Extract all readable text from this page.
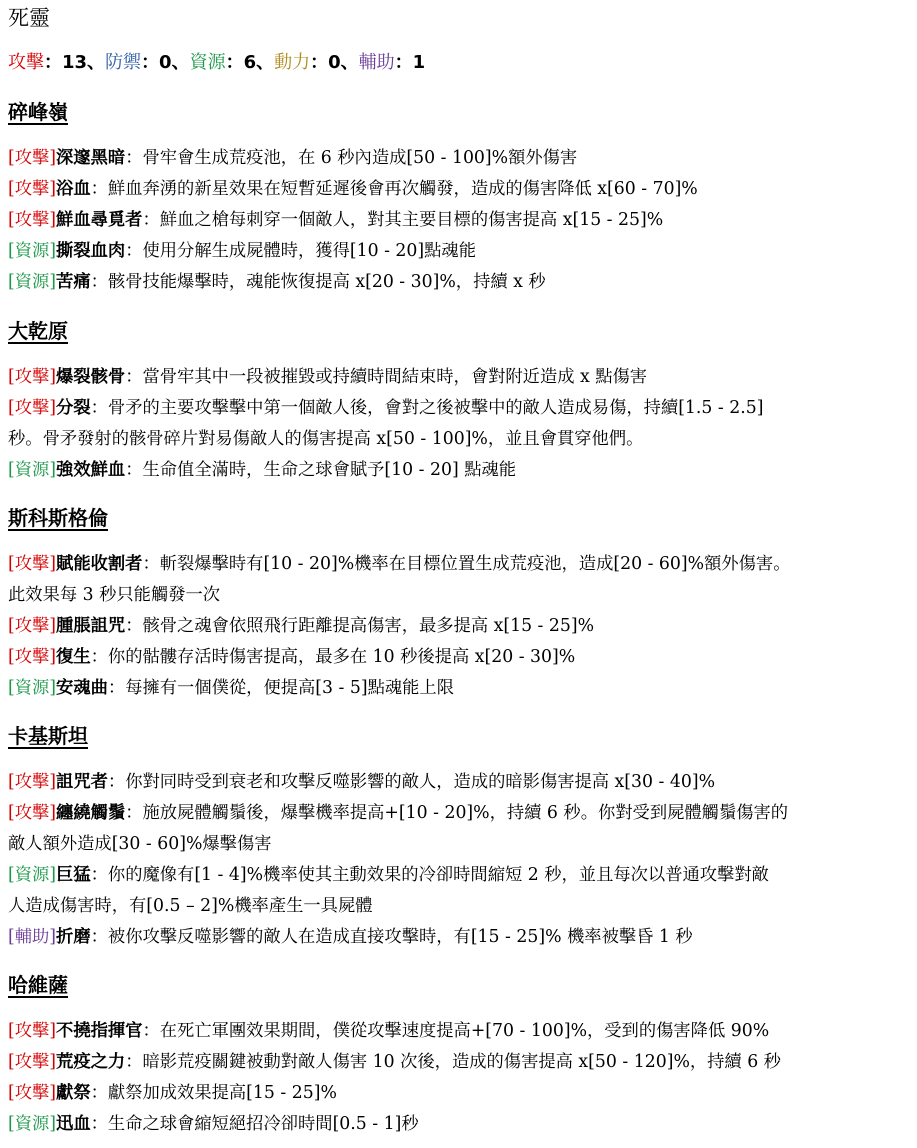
死靈
攻擊：13、防禦：0、資源：6、動力：0、輔助：1
碎峰嶺
[攻擊]深邃黑暗：骨牢會生成荒疫池，在 6 秒內造成[50 - 100]%額外傷害
[攻擊]浴血：鮮血奔湧的新星效果在短暫延遲後會再次觸發，造成的傷害降低 x[60 - 70]%
[攻擊]鮮血尋覓者：鮮血之槍每刺穿一個敵人，對其主要目標的傷害提高 x[15 - 25]%
[資源]撕裂血肉：使用分解生成屍體時，獲得[10 - 20]點魂能
[資源]苦痛：骸骨技能爆擊時，魂能恢復提高 x[20 - 30]%，持續 x 秒
大乾原
[攻擊]爆裂骸骨：當骨牢其中一段被摧毀或持續時間結束時，會對附近造成 x 點傷害
[攻擊]分裂：骨矛的主要攻擊擊中第一個敵人後，會對之後被擊中的敵人造成易傷，持續[1.5 - 2.5]
秒。骨矛發射的骸骨碎片對易傷敵人的傷害提高 x[50 - 100]%，並且會貫穿他們。
[資源]強效鮮血：生命值全滿時，生命之球會賦予[10 - 20] 點魂能
斯科斯格倫
[攻擊]賦能收割者：斬裂爆擊時有[10 - 20]%機率在目標位置生成荒疫池，造成[20 - 60]%額外傷害。
此效果每 3 秒只能觸發一次
[攻擊]腫脹詛咒：骸骨之魂會依照飛行距離提高傷害，最多提高 x[15 - 25]%
[攻擊]復生：你的骷髏存活時傷害提高，最多在 10 秒後提高 x[20 - 30]%
[資源]安魂曲：每擁有一個僕從，便提高[3 - 5]點魂能上限
卡基斯坦
[攻擊]詛咒者：你對同時受到衰老和攻擊反噬影響的敵人，造成的暗影傷害提高 x[30 - 40]%
[攻擊]纏繞觸鬚：施放屍體觸鬚後，爆擊機率提高+[10 - 20]%，持續 6 秒。你對受到屍體觸鬚傷害的
敵人額外造成[30 - 60]%爆擊傷害
[資源]巨猛：你的魔像有[1 - 4]%機率使其主動效果的冷卻時間縮短 2 秒，並且每次以普通攻擊對敵
人造成傷害時，有[0.5 – 2]%機率產生一具屍體
[輔助]折磨：被你攻擊反噬影響的敵人在造成直接攻擊時，有[15 - 25]% 機率被擊昏 1 秒
哈維薩
[攻擊]不撓指揮官：在死亡軍團效果期間，僕從攻擊速度提高+[70 - 100]%，受到的傷害降低 90%
[攻擊]荒疫之力：暗影荒疫關鍵被動對敵人傷害 10 次後，造成的傷害提高 x[50 - 120]%，持續 6 秒
[攻擊]獻祭：獻祭加成效果提高[15 - 25]%
[資源]迅血：生命之球會縮短絕招冷卻時間[0.5 - 1]秒
